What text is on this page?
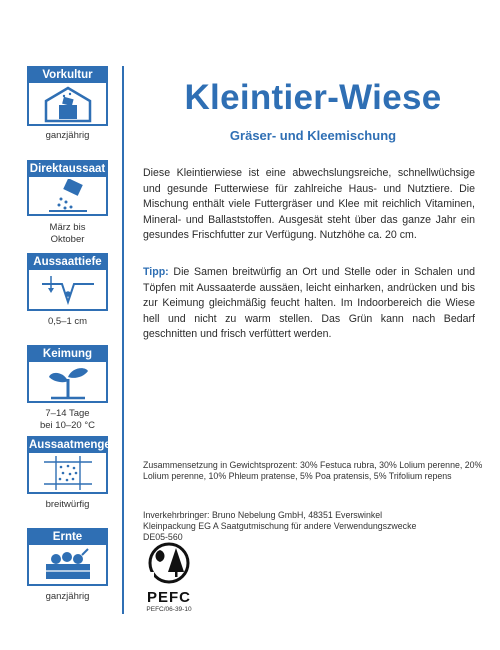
Vorkultur
ganzjährig
Direktaussaat
März bis
Oktober
Aussaattiefe
0,5–1 cm
Keimung
7–14 Tage
bei 10–20 °C
Aussaatmenge
breitwürfig
Ernte
ganzjährig
Kleintier-Wiese
Gräser- und Kleemischung
Diese Kleintierwiese ist eine abwechslungsreiche, schnellwüchsige und gesunde Futterwiese für zahlreiche Haus- und Nutztiere. Die Mischung enthält viele Futtergräser und Klee mit reichlich Vitaminen, Mineral- und Ballaststoffen. Ausgesät steht über das ganze Jahr ein gesundes Frischfutter zur Verfügung. Nutzhöhe ca. 20 cm.
Tipp: Die Samen breitwürfig an Ort und Stelle oder in Schalen und Töpfen mit Aussaaterde aussäen, leicht einharken, andrücken und bis zur Keimung gleichmäßig feucht halten. Im Indoorbereich die Wiese hell und nicht zu warm stellen. Das Grün kann nach Bedarf geschnitten und frisch verfüttert werden.
Zusammensetzung in Gewichtsprozent: 30% Festuca rubra, 30% Lolium perenne, 20% Lolium perenne, 10% Phleum pratense, 5% Poa pratensis, 5% Trifolium repens
Inverkehrbringer: Bruno Nebelung GmbH, 48351 Everswinkel
Kleinpackung EG A Saatgutmischung für andere Verwendungszwecke
DE05-560
PEFC
PEFC/06-39-10
